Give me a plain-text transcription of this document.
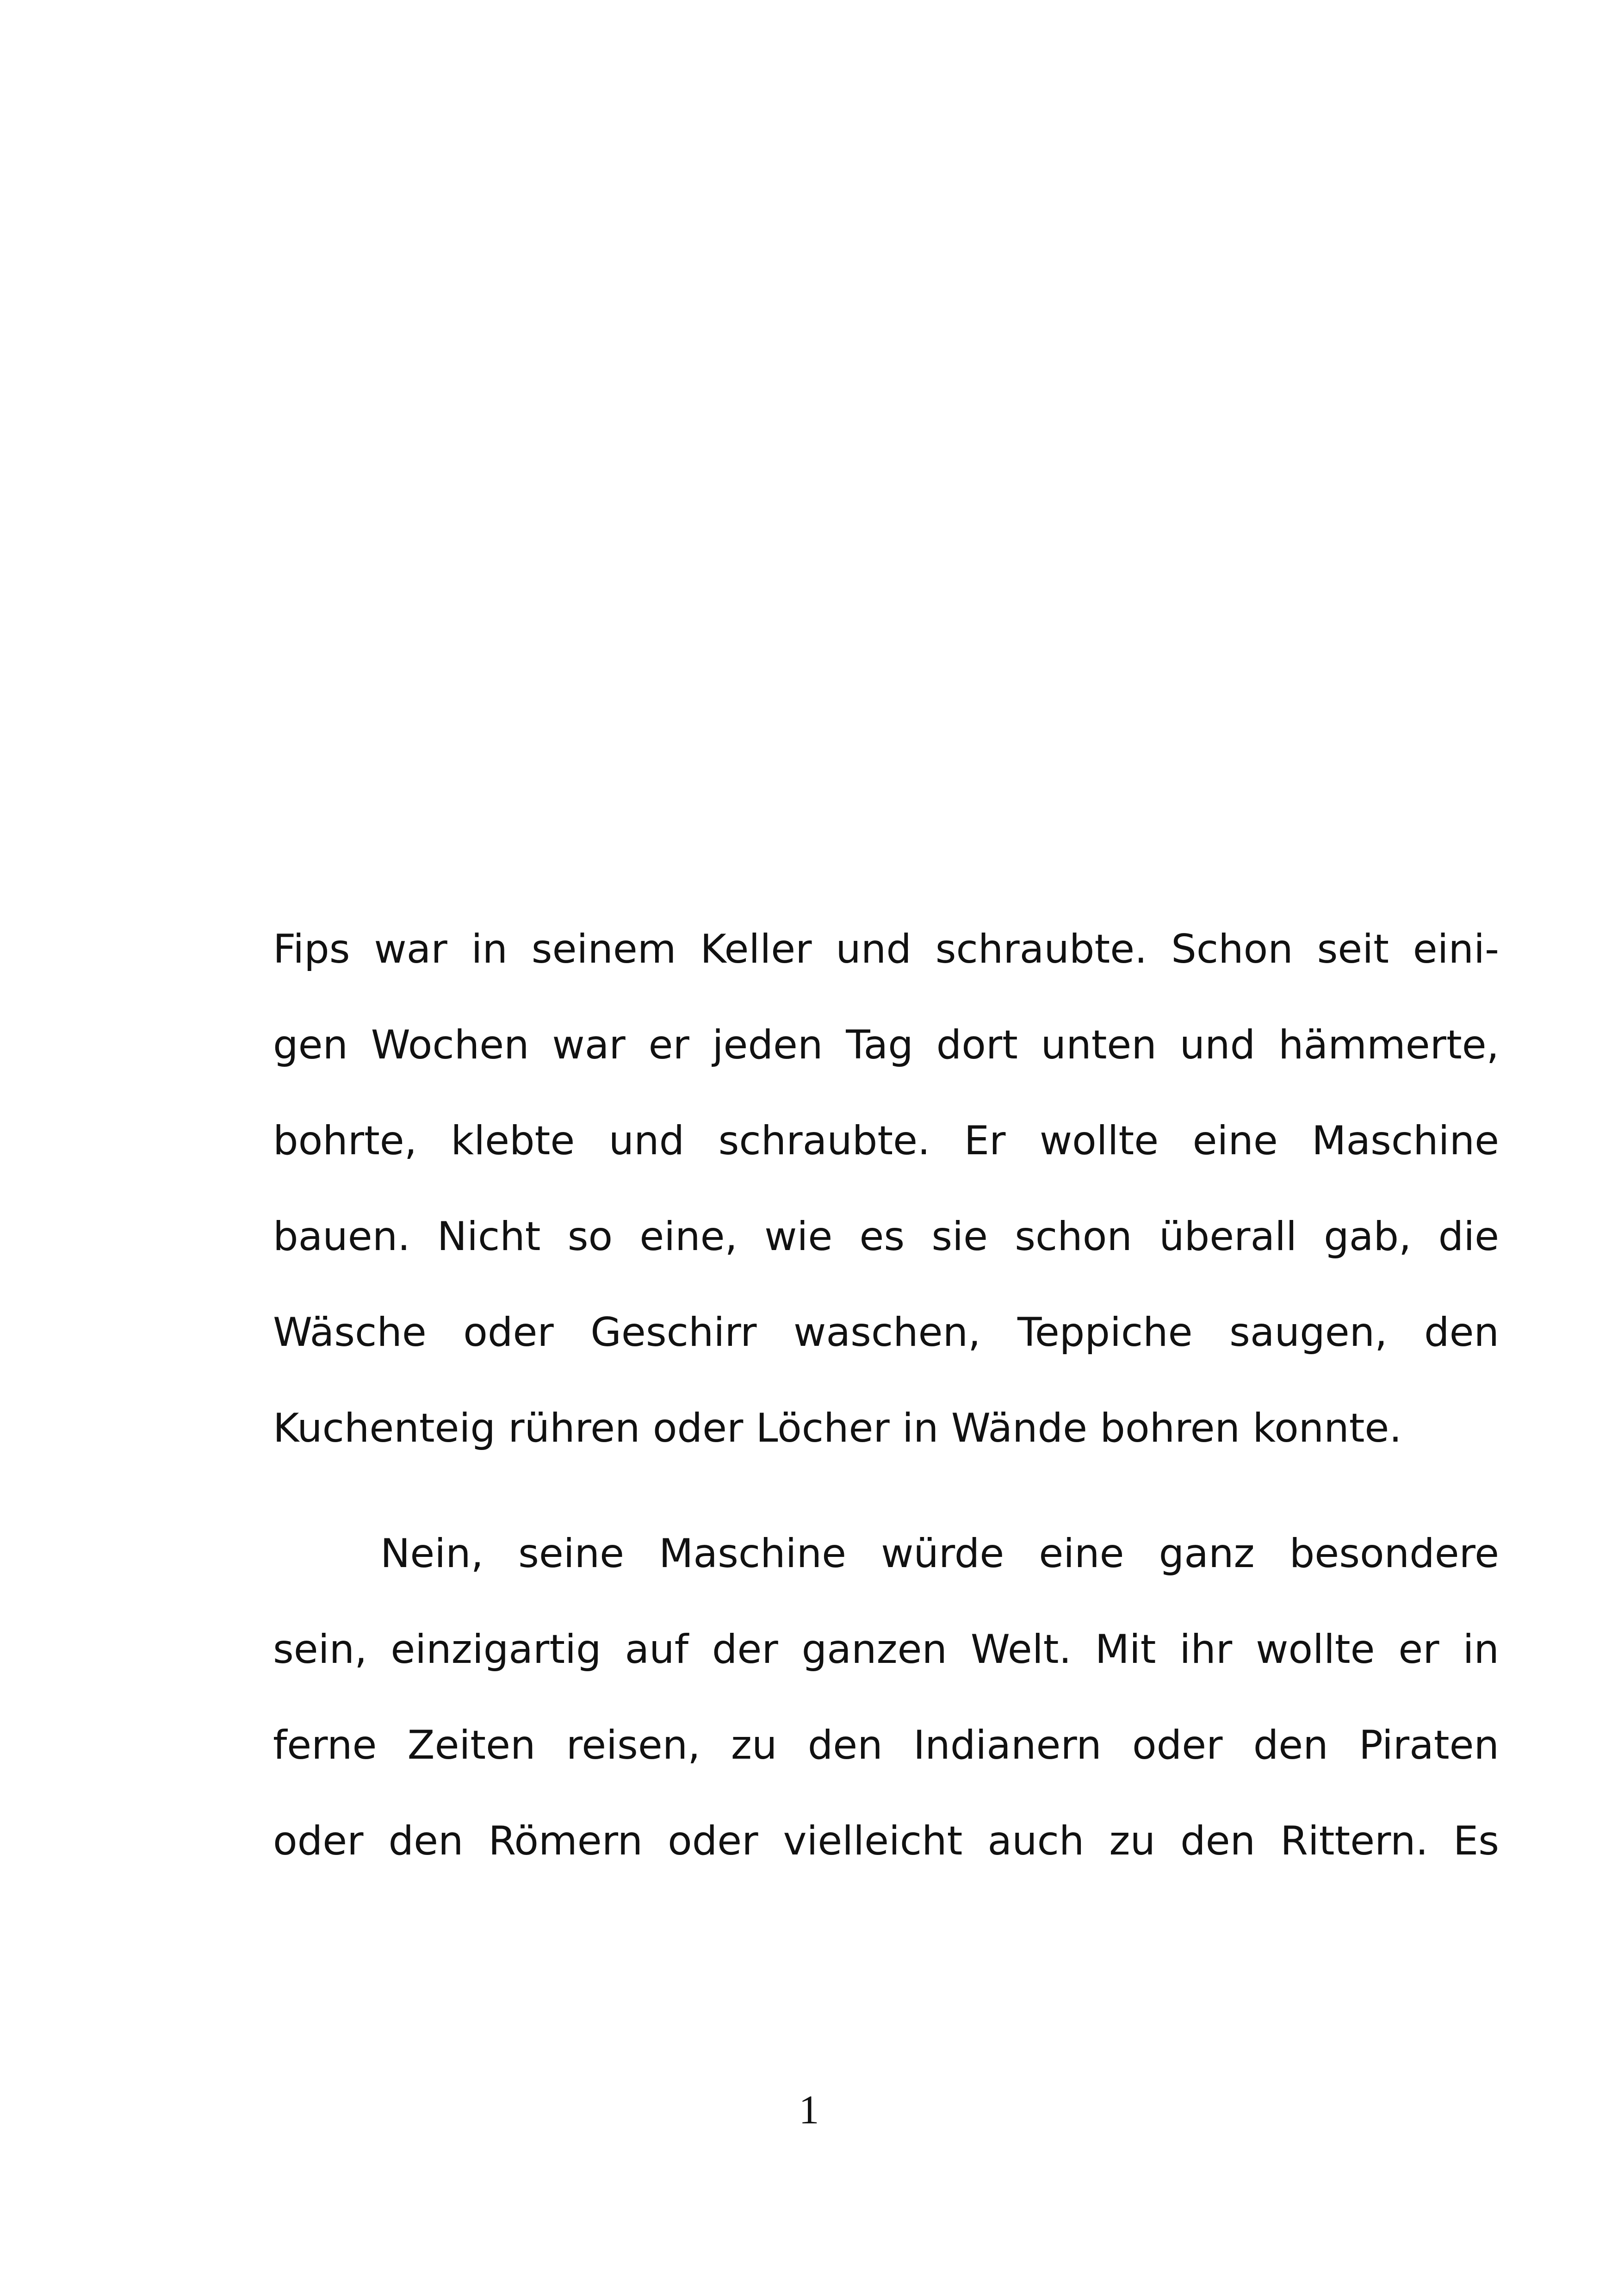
Fips war in seinem Keller und schraubte. Schon seit eini-
gen Wochen war er jeden Tag dort unten und hämmerte,
bohrte, klebte und schraubte. Er wollte eine Maschine
bauen. Nicht so eine, wie es sie schon überall gab, die
Wäsche oder Geschirr waschen, Teppiche saugen, den
Kuchenteig rühren oder Löcher in Wände bohren konnte.
Nein, seine Maschine würde eine ganz besondere
sein, einzigartig auf der ganzen Welt. Mit ihr wollte er in
ferne Zeiten reisen, zu den Indianern oder den Piraten
oder den Römern oder vielleicht auch zu den Rittern. Es
1
